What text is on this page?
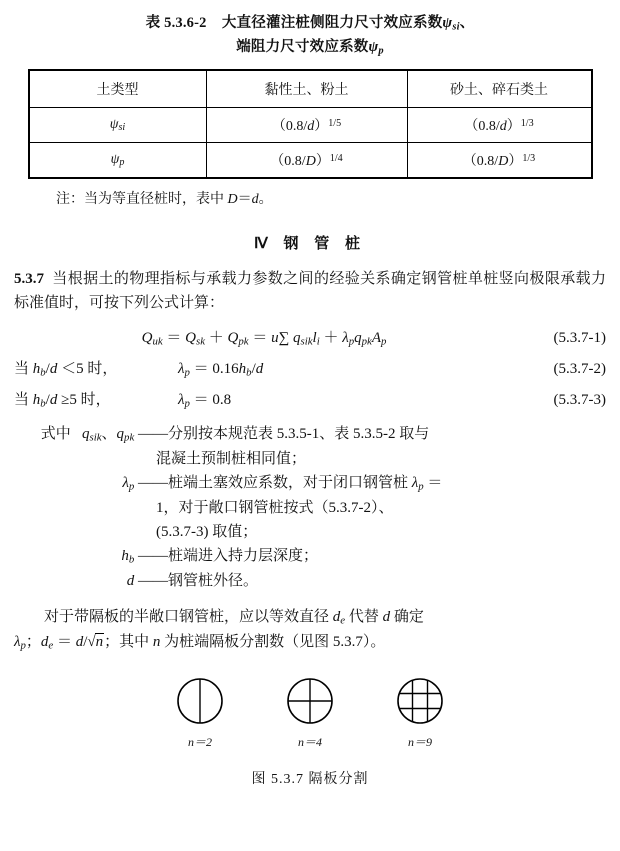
表 5.3.6-2    大直径灌注桩侧阻力尺寸效应系数$\psi_{si}$、
端阻力尺寸效应系数$\psi_p$
土类型	黏性土、粉土	砂土、碎石类土
$\psi_{si}$	$(0.8/d)^{1/5}$	$(0.8/d)^{1/3}$
$\psi_p$	$(0.8/D)^{1/4}$	$(0.8/D)^{1/3}$
注：当为等直径桩时，表中 D＝d。
Ⅳ 钢 管 桩
5.3.7 当根据土的物理指标与承载力参数之间的经验关系确定钢管桩单桩竖向极限承载力标准值时，可按下列公式计算：
$Q_{uk} = Q_{sk} + Q_{pk} = u\sum$ $q_{sik}l_i + \lambda_pq_{pk}A_p$	(5.3.7-1)
当 $h_b/d <5$ 时，	$\lambda_p = 0.16h_b/d$	(5.3.7-2)
当 $h_b/d \ge 5$ 时，	$\lambda_p = 0.8$	(5.3.7-3)
式中   $q_{sik}$、$q_{pk}$ —— 分别按本规范表 5.3.5-1、表 5.3.5-2 取与
混凝土预制桩相同值；
$\lambda_p$ —— 桩端土塞效应系数，对于闭口钢管桩 $\lambda_p$ ＝
1，对于敞口钢管桩按式（5.3.7-2）、
(5.3.7-3) 取值；
$h_b$ —— 桩端进入持力层深度；
d —— 钢管桩外径。
对于带隔板的半敞口钢管桩，应以等效直径 $d_e$ 代替 d 确定
$\lambda_p$；$d_e = d/√n$；其中 n 为桩端隔板分割数（见图 5.3.7）。
n＝2	n＝4	n＝9
图 5.3.7 隔板分割
